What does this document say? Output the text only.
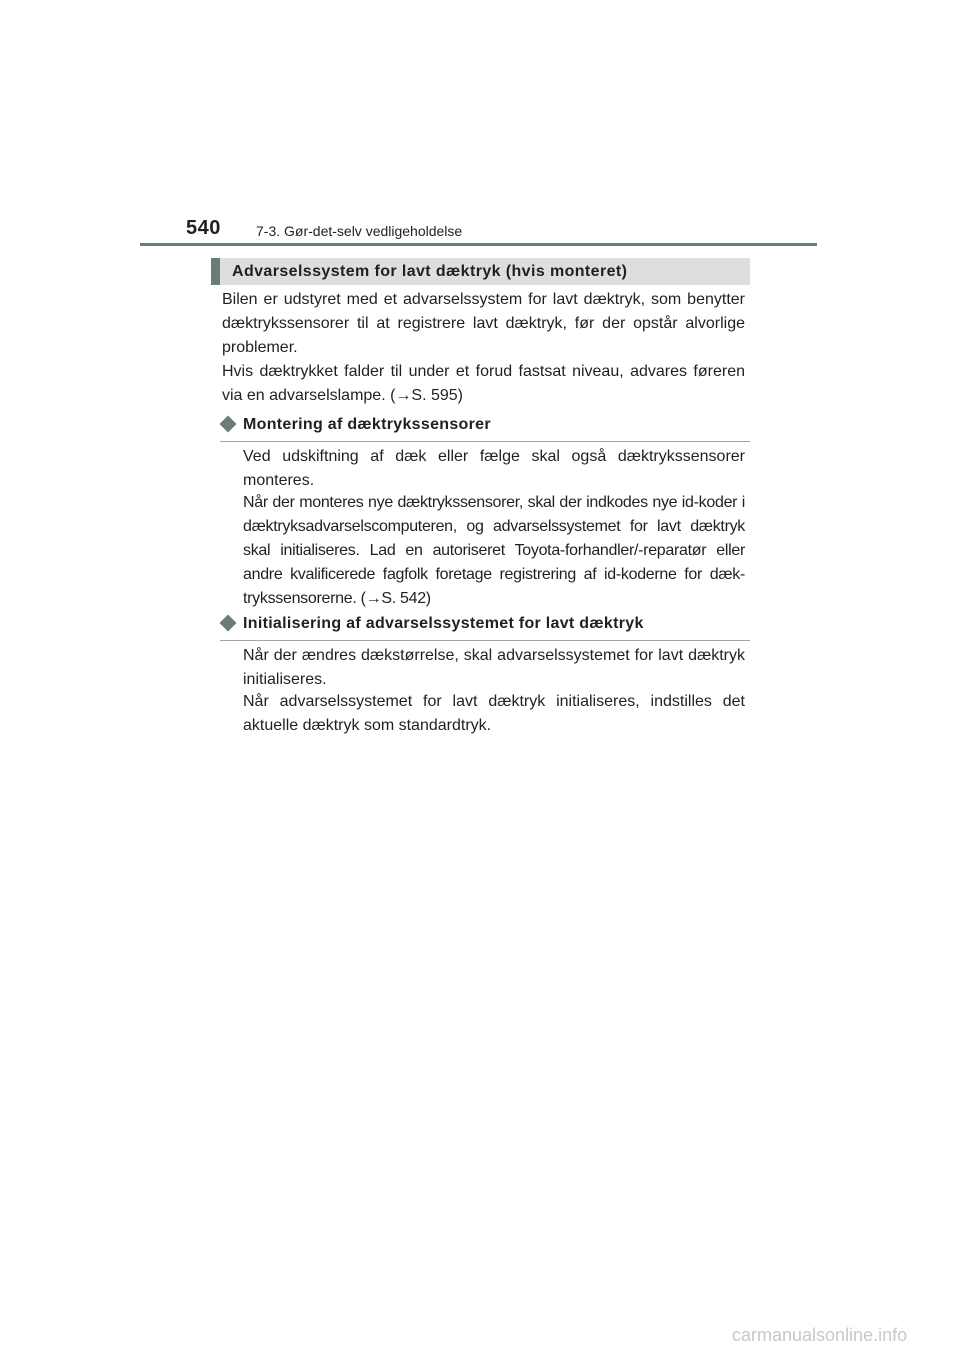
540	7-3. Gør-det-selv vedligeholdelse
Advarselssystem for lavt dæktryk (hvis monteret)

Bilen er udstyret med et advarselssystem for lavt dæktryk, som benytter dæktrykssensorer til at registrere lavt dæktryk, før der opstår alvorlige problemer.

Hvis dæktrykket falder til under et forud fastsat niveau, advares føreren via en advarselslampe. (→S. 595)

Montering af dæktrykssensorer

Ved udskiftning af dæk eller fælge skal også dæktrykssensorer monteres.

Når der monteres nye dæktrykssensorer, skal der indkodes nye id-koder i dæktryksadvarselscomputeren, og advarselssystemet for lavt dæktryk skal initialiseres. Lad en autoriseret Toyota-forhandler/-reparatør eller andre kvalificerede fagfolk foretage registrering af id-koderne for dæk-trykssensorerne. (→S. 542)

Initialisering af advarselssystemet for lavt dæktryk

Når der ændres dækstørrelse, skal advarselssystemet for lavt dæktryk initialiseres.

Når advarselssystemet for lavt dæktryk initialiseres, indstilles det aktuelle dæktryk som standardtryk.

carmanualsonline.info
